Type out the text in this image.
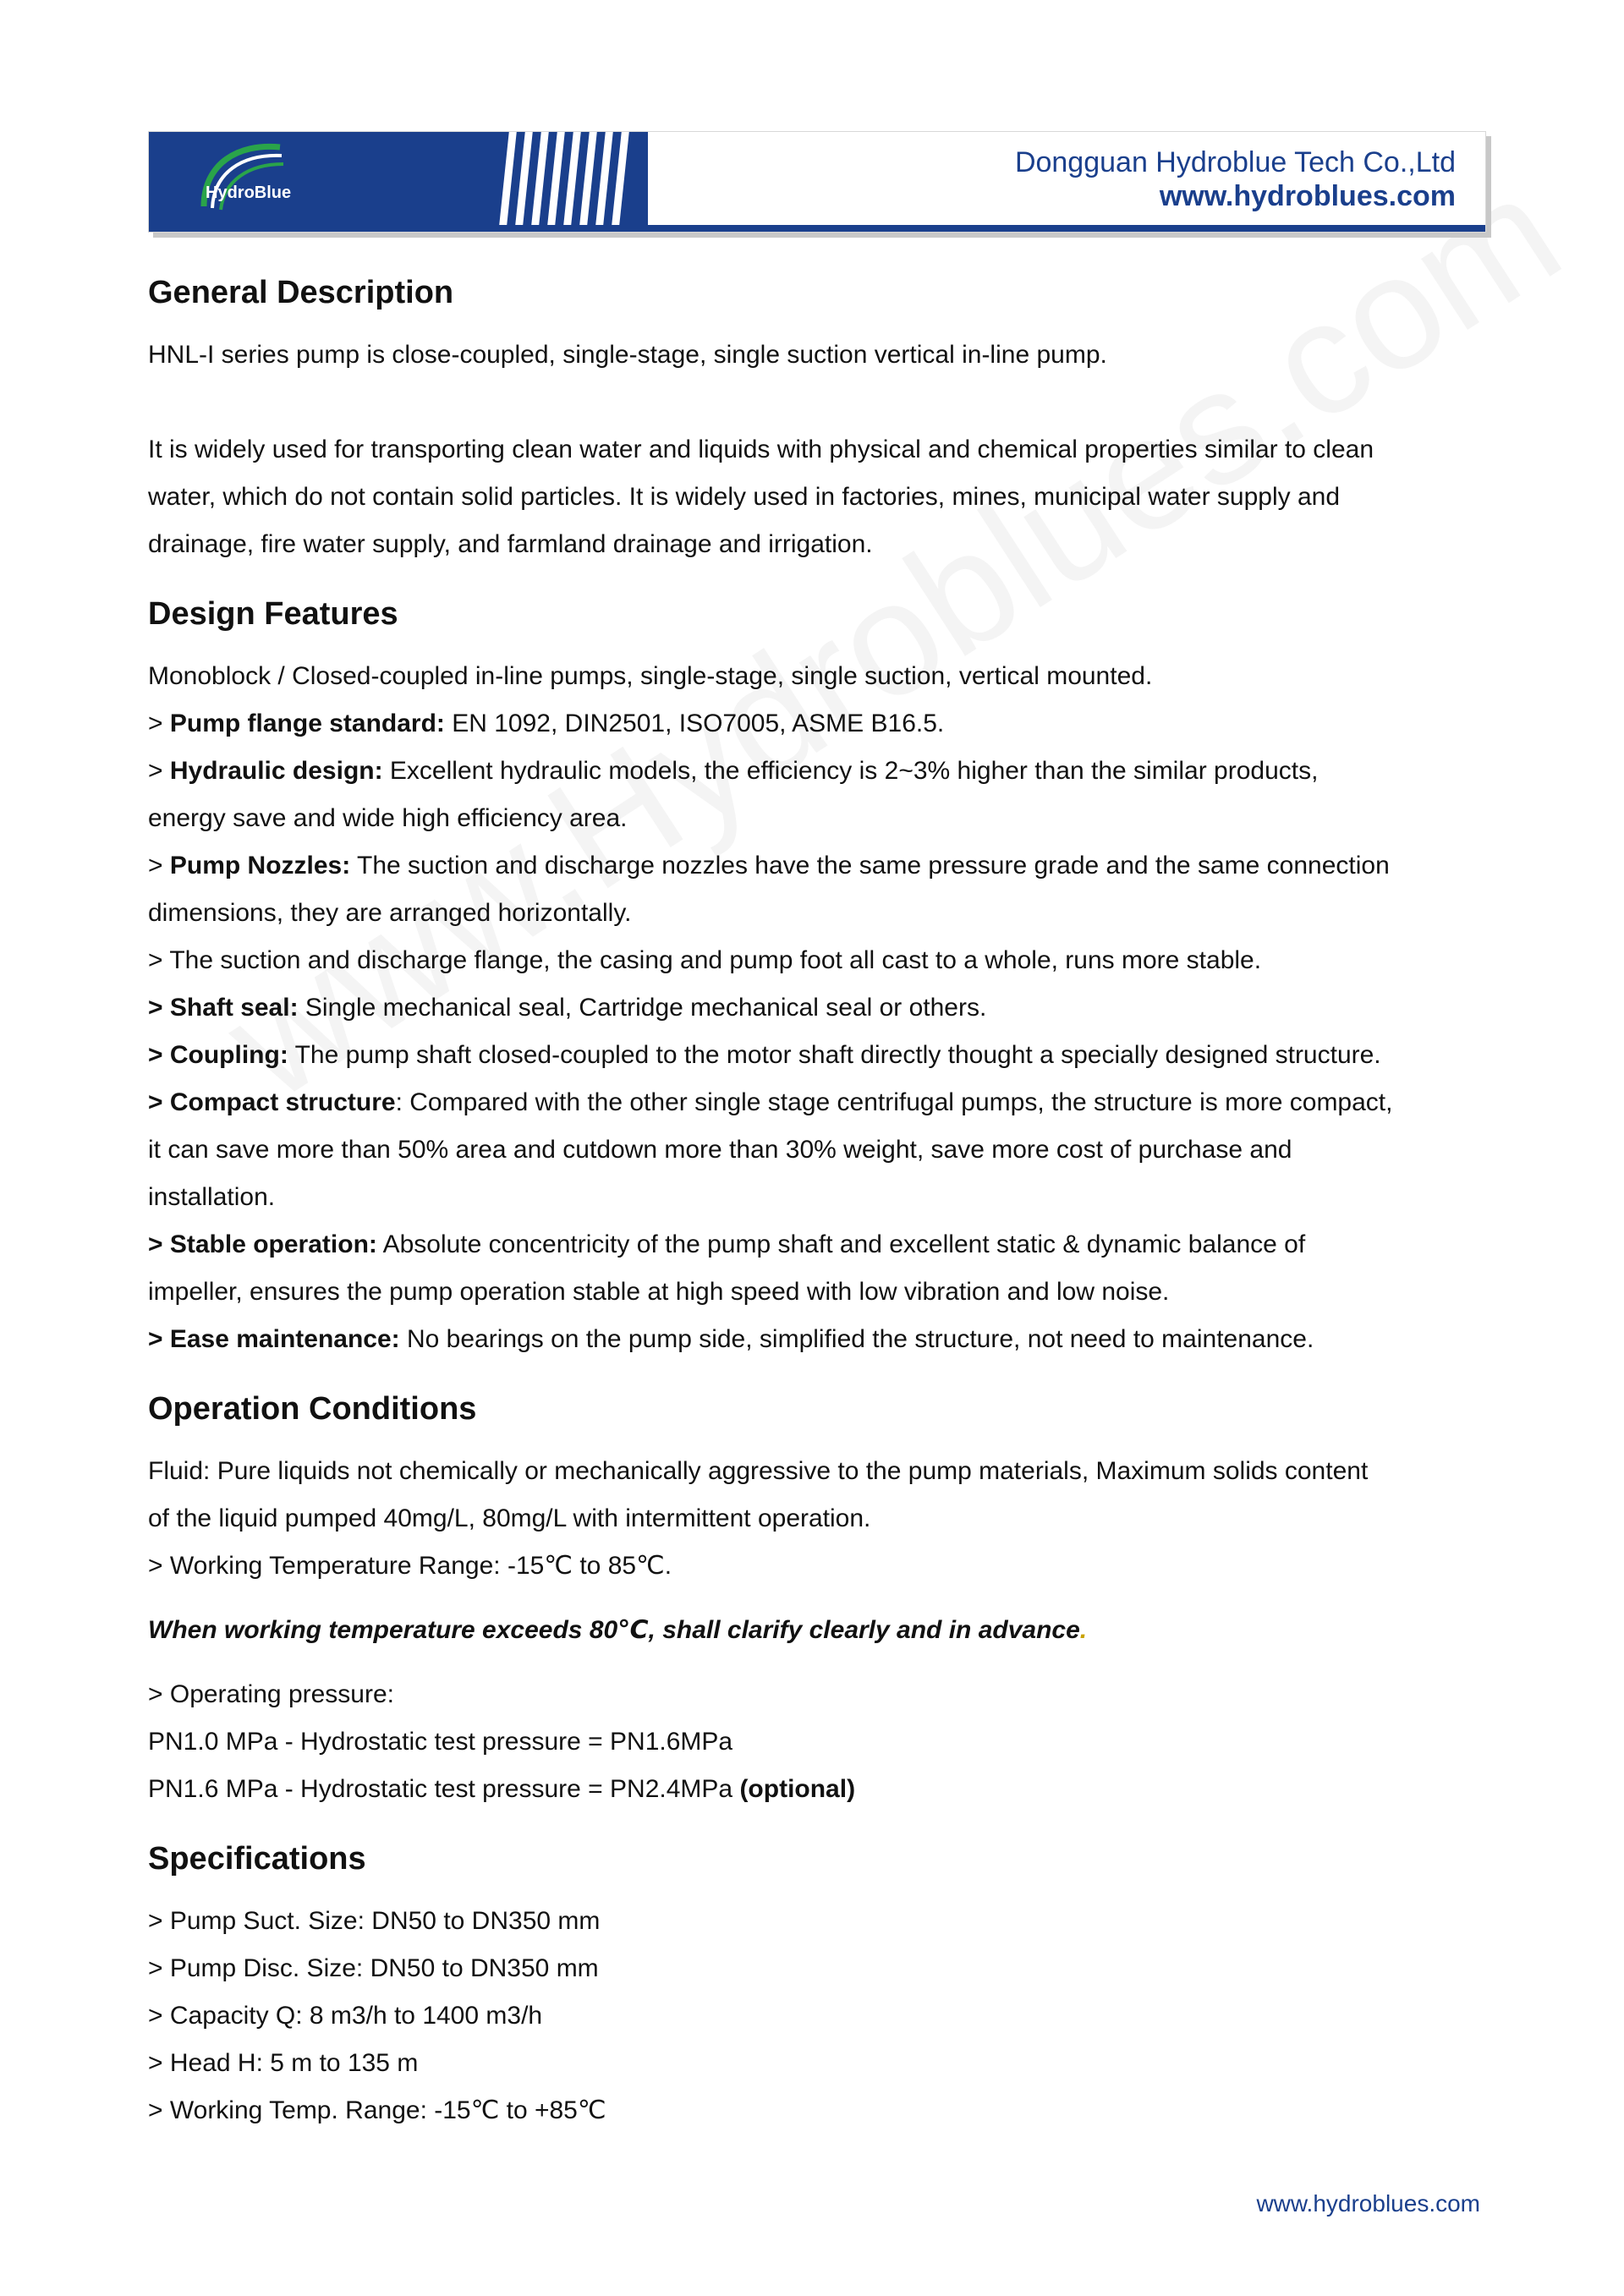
HydroBlue
Dongguan Hydroblue Tech Co.,Ltd
www.hydroblues.com
General Description

HNL-I series pump is close-coupled, single-stage, single suction vertical in-line pump.

It is widely used for transporting clean water and liquids with physical and chemical properties similar to clean

water, which do not contain solid particles. It is widely used in factories, mines, municipal water supply and

drainage, fire water supply, and farmland drainage and irrigation.

Design Features

Monoblock / Closed-coupled in-line pumps, single-stage, single suction, vertical mounted.

> Pump flange standard: EN 1092, DIN2501, ISO7005, ASME B16.5.

> Hydraulic design: Excellent hydraulic models, the efficiency is 2~3% higher than the similar products,

energy save and wide high efficiency area.

> Pump Nozzles: The suction and discharge nozzles have the same pressure grade and the same connection

dimensions, they are arranged horizontally.

> The suction and discharge flange, the casing and pump foot all cast to a whole, runs more stable.

> Shaft seal: Single mechanical seal, Cartridge mechanical seal or others.

> Coupling: The pump shaft closed-coupled to the motor shaft directly thought a specially designed structure.

> Compact structure: Compared with the other single stage centrifugal pumps, the structure is more compact,

it can save more than 50% area and cutdown more than 30% weight, save more cost of purchase and

installation.

> Stable operation: Absolute concentricity of the pump shaft and excellent static & dynamic balance of

impeller, ensures the pump operation stable at high speed with low vibration and low noise.

> Ease maintenance: No bearings on the pump side, simplified the structure, not need to maintenance.

Operation Conditions

Fluid: Pure liquids not chemically or mechanically aggressive to the pump materials, Maximum solids content

of the liquid pumped 40mg/L, 80mg/L with intermittent operation.

> Working Temperature Range: -15℃ to 85℃.

When working temperature exceeds 80℃, shall clarify clearly and in advance.

> Operating pressure:

PN1.0 MPa - Hydrostatic test pressure = PN1.6MPa

PN1.6 MPa - Hydrostatic test pressure = PN2.4MPa (optional)

Specifications

> Pump Suct. Size: DN50 to DN350 mm

> Pump Disc. Size: DN50 to DN350 mm

> Capacity Q: 8 m3/h to 1400 m3/h

> Head H: 5 m to 135 m

> Working Temp. Range: -15℃ to +85℃

www.hydroblues.com
